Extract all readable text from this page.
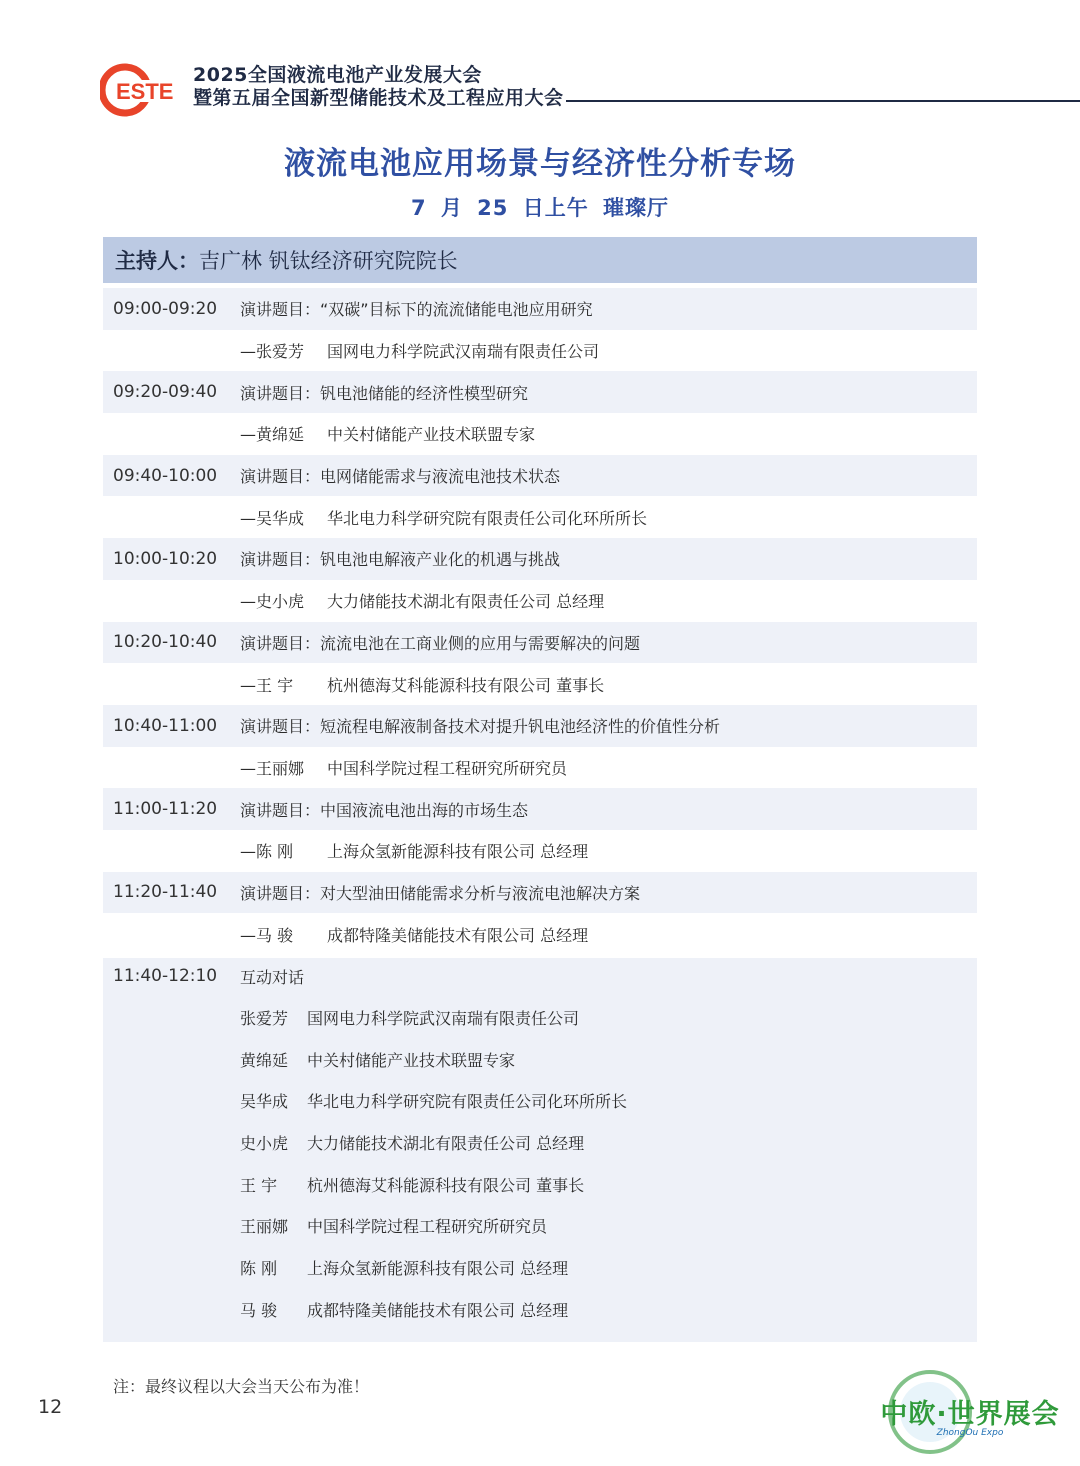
ESTE
2025全国液流电池产业发展大会
暨第五届全国新型储能技术及工程应用大会
液流电池应用场景与经济性分析专场
7 月 25 日上午 璀璨厅
主持人： 吉广林 钒钛经济研究院院长
09:00-09:20 演讲题目：“双碳”目标下的流流储能电池应用研究
—张爱芳	国网电力科学院武汉南瑞有限责任公司
09:20-09:40 演讲题目：钒电池储能的经济性模型研究
—黄绵延	中关村储能产业技术联盟专家
09:40-10:00 演讲题目：电网储能需求与液流电池技术状态
—吴华成	华北电力科学研究院有限责任公司化环所所长
10:00-10:20 演讲题目：钒电池电解液产业化的机遇与挑战
—史小虎	大力储能技术湖北有限责任公司 总经理
10:20-10:40 演讲题目：流流电池在工商业侧的应用与需要解决的问题
—王 宇	杭州德海艾科能源科技有限公司 董事长
10:40-11:00 演讲题目：短流程电解液制备技术对提升钒电池经济性的价值性分析
—王丽娜	中国科学院过程工程研究所研究员
11:00-11:20 演讲题目：中国液流电池出海的市场生态
—陈 刚	上海众氢新能源科技有限公司 总经理
11:20-11:40 演讲题目：对大型油田储能需求分析与液流电池解决方案
—马 骏	成都特隆美储能技术有限公司 总经理
11:40-12:10 互动对话
张爱芳	国网电力科学院武汉南瑞有限责任公司
黄绵延	中关村储能产业技术联盟专家
吴华成	华北电力科学研究院有限责任公司化环所所长
史小虎	大力储能技术湖北有限责任公司 总经理
王 宇	杭州德海艾科能源科技有限公司 董事长
王丽娜	中国科学院过程工程研究所研究员
陈 刚	上海众氢新能源科技有限公司 总经理
马 骏	成都特隆美储能技术有限公司 总经理
注：最终议程以大会当天公布为准！
12	中欧·世界展会
ZhongOu Expo
